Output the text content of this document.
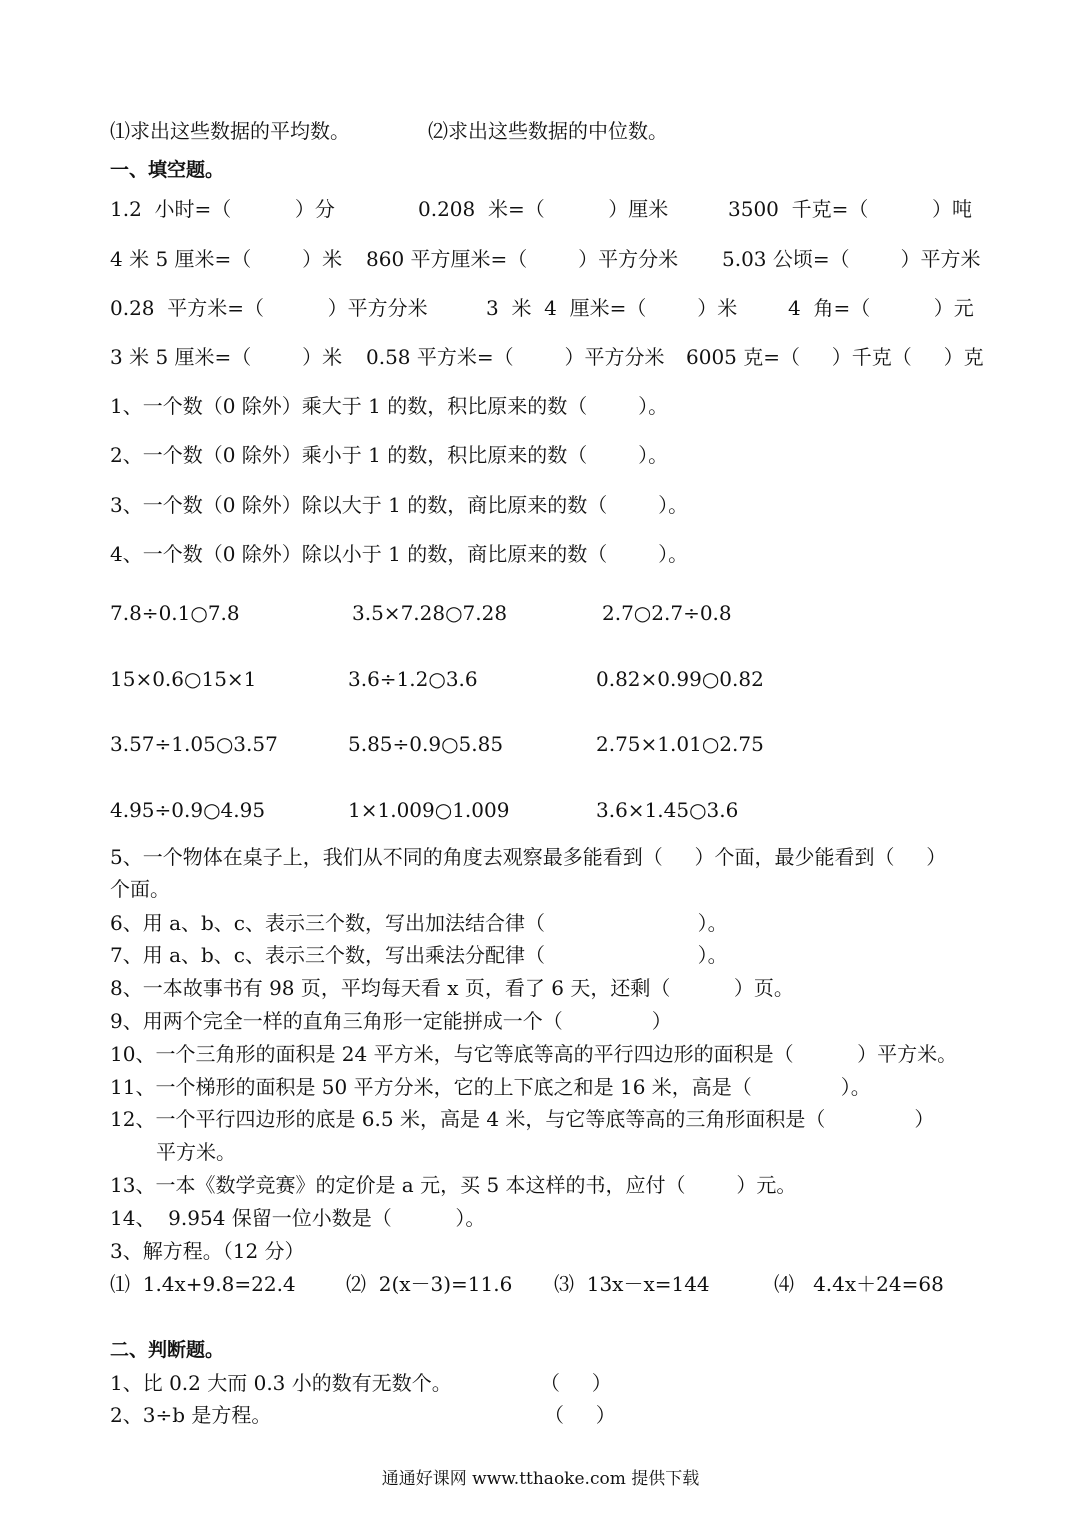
⑴求出这些数据的平均数。	⑵求出这些数据的中位数。
一、填空题。
1.2  小时=（          ）分	0.208  米=（          ）厘米	3500  千克=（          ）吨
4 米 5 厘米=（        ）米 860 平方厘米=（        ）平方分米 5.03 公顷=（        ）平方米
0.28  平方米=（          ）平方分米	3  米  4  厘米=（        ）米	4  角=（          ）元
3 米 5 厘米=（        ）米 0.58 平方米=（        ）平方分米 6005 克=（     ）千克（     ）克
1、一个数（0 除外）乘大于 1 的数，积比原来的数（        ）。
2、一个数（0 除外）乘小于 1 的数，积比原来的数（        ）。
3、一个数（0 除外）除以大于 1 的数，商比原来的数（        ）。
4、一个数（0 除外）除以小于 1 的数，商比原来的数（        ）。
7.8÷0.1○7.8	3.5×7.28○7.28	2.7○2.7÷0.8
15×0.6○15×1	3.6÷1.2○3.6	0.82×0.99○0.82
3.57÷1.05○3.57	5.85÷0.9○5.85	2.75×1.01○2.75
4.95÷0.9○4.95	1×1.009○1.009	3.6×1.45○3.6
5、一个物体在桌子上，我们从不同的角度去观察最多能看到（     ）个面，最少能看到（     ）
个面。
6、用 a、b、c、表示三个数，写出加法结合律（                        ）。
7、用 a、b、c、表示三个数，写出乘法分配律（                        ）。
8、一本故事书有 98 页，平均每天看 x 页，看了 6 天，还剩（          ）页。
9、用两个完全一样的直角三角形一定能拼成一个（              ）
10、一个三角形的面积是 24 平方米，与它等底等高的平行四边形的面积是（          ）平方米。
11、一个梯形的面积是 50 平方分米，它的上下底之和是 16 米，高是（              ）。
12、一个平行四边形的底是 6.5 米，高是 4 米，与它等底等高的三角形面积是（              ）
平方米。
13、一本《数学竞赛》的定价是 a 元，买 5 本这样的书，应付（        ）元。
14、  9.954 保留一位小数是（          ）。
3、解方程。（12 分）
⑴  1.4x+9.8=22.4	⑵  2(x－3)=11.6 ⑶  13x－x=144	⑷   4.4x＋24=68
二、判断题。
1、比 0.2 大而 0.3 小的数有无数个。	（     ）
2、3÷b 是方程。	（     ）
通通好课网 www.tthaoke.com 提供下载
